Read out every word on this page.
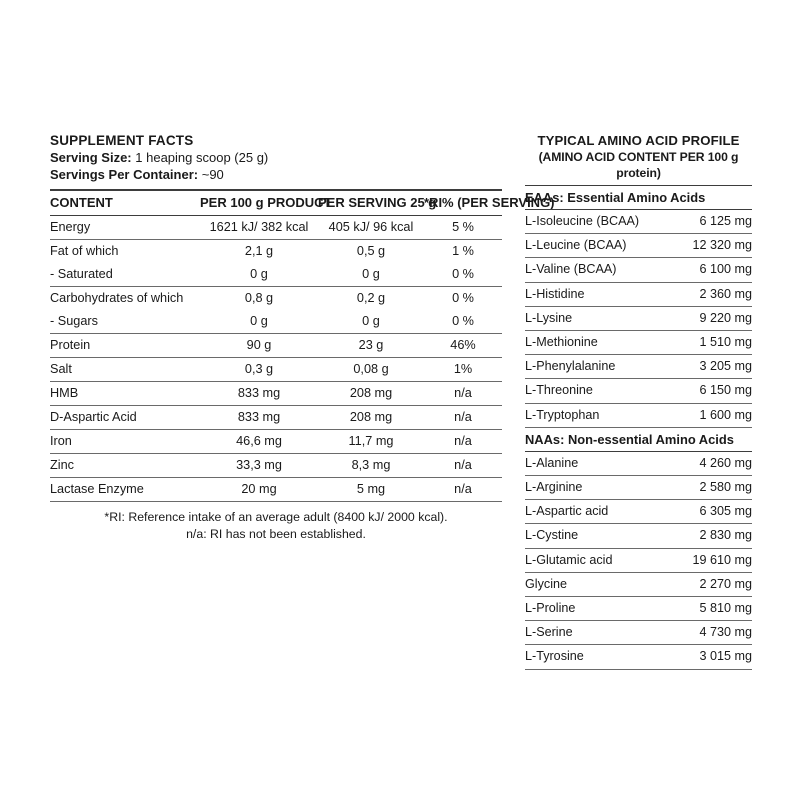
SUPPLEMENT FACTS
Serving Size: 1 heaping scoop (25 g)
Servings Per Container: ~90
CONTENT	PER 100 g PRODUCT	PER SERVING 25 g	*RI% (PER SERVING)
Energy	1621 kJ/ 382 kcal	405 kJ/ 96 kcal	5 %
Fat of which	2,1 g	0,5 g	1 %
- Saturated	0 g	0 g	0 %
Carbohydrates of which	0,8 g	0,2 g	0 %
- Sugars	0 g	0 g	0 %
Protein	90 g	23 g	46%
Salt	0,3 g	0,08 g	1%
HMB	833 mg	208 mg	n/a
D-Aspartic Acid	833 mg	208 mg	n/a
Iron	46,6 mg	11,7 mg	n/a
Zinc	33,3 mg	8,3 mg	n/a
Lactase Enzyme	20 mg	5 mg	n/a
*RI: Reference intake of an average adult (8400 kJ/ 2000 kcal).
n/a: RI has not been established.
TYPICAL AMINO ACID PROFILE
(AMINO ACID CONTENT PER 100 g protein)
EAAs: Essential Amino Acids	
L-Isoleucine (BCAA)	6 125 mg
L-Leucine (BCAA)	12 320 mg
L-Valine (BCAA)	6 100 mg
L-Histidine	2 360 mg
L-Lysine	9 220 mg
L-Methionine	1 510 mg
L-Phenylalanine	3 205 mg
L-Threonine	6 150 mg
L-Tryptophan	1 600 mg
NAAs: Non-essential Amino Acids	
L-Alanine	4 260 mg
L-Arginine	2 580 mg
L-Aspartic acid	6 305 mg
L-Cystine	2 830 mg
L-Glutamic acid	19 610 mg
Glycine	2 270 mg
L-Proline	5 810 mg
L-Serine	4 730 mg
L-Tyrosine	3 015 mg
